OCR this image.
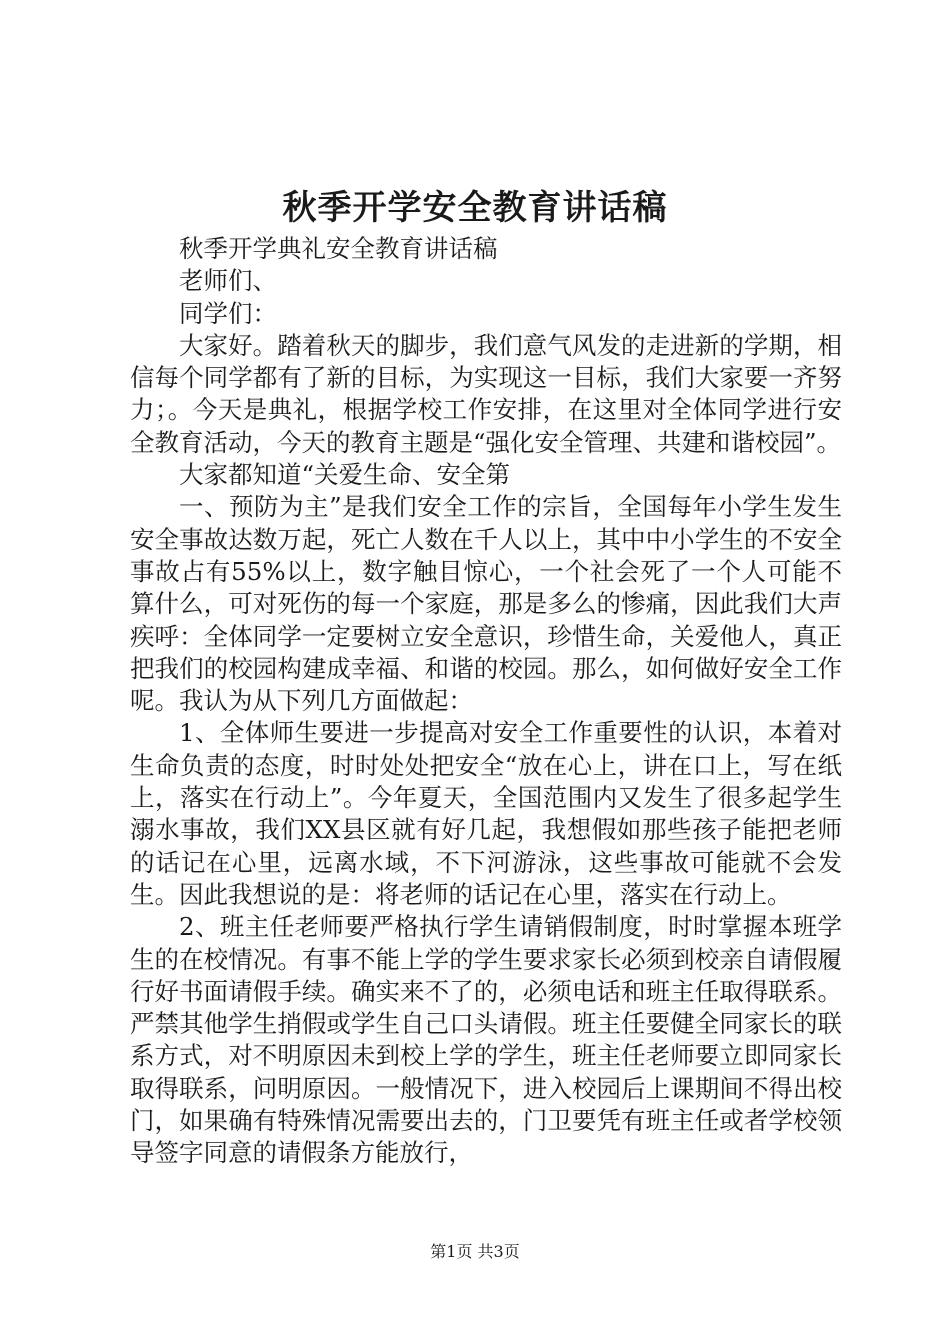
秋季开学安全教育讲话稿

秋季开学典礼安全教育讲话稿

老师们、

同学们：

大家好。踏着秋天的脚步，我们意气风发的走进新的学期，相信每个同学都有了新的目标，为实现这一目标，我们大家要一齐努力；。今天是典礼，根据学校工作安排，在这里对全体同学进行安全教育活动，今天的教育主题是“强化安全管理、共建和谐校园”。

大家都知道“关爱生命、安全第

一、预防为主”是我们安全工作的宗旨，全国每年小学生发生安全事故达数万起，死亡人数在千人以上，其中中小学生的不安全事故占有55%以上，数字触目惊心，一个社会死了一个人可能不算什么，可对死伤的每一个家庭，那是多么的惨痛，因此我们大声疾呼：全体同学一定要树立安全意识，珍惜生命，关爱他人，真正把我们的校园构建成幸福、和谐的校园。那么，如何做好安全工作呢。我认为从下列几方面做起：

1、全体师生要进一步提高对安全工作重要性的认识，本着对生命负责的态度，时时处处把安全“放在心上，讲在口上，写在纸上，落实在行动上”。今年夏天，全国范围内又发生了很多起学生溺水事故，我们XX县区就有好几起，我想假如那些孩子能把老师的话记在心里，远离水域，不下河游泳，这些事故可能就不会发生。因此我想说的是：将老师的话记在心里，落实在行动上。

2、班主任老师要严格执行学生请销假制度，时时掌握本班学生的在校情况。有事不能上学的学生要求家长必须到校亲自请假履行好书面请假手续。确实来不了的，必须电话和班主任取得联系。严禁其他学生捎假或学生自己口头请假。班主任要健全同家长的联系方式，对不明原因未到校上学的学生，班主任老师要立即同家长取得联系，问明原因。一般情况下，进入校园后上课期间不得出校门，如果确有特殊情况需要出去的，门卫要凭有班主任或者学校领导签字同意的请假条方能放行，

第1页 共3页
